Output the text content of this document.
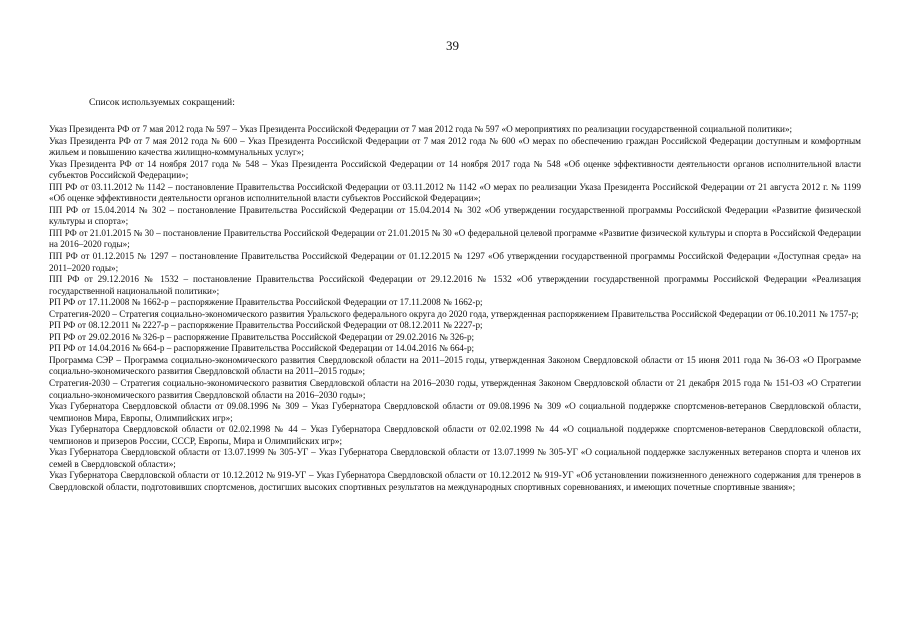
39
Список используемых сокращений:

Указ Президента РФ от 7 мая 2012 года № 597 – Указ Президента Российской Федерации от 7 мая 2012 года № 597 «О мероприятиях по реализации государственной социальной политики»;

Указ Президента РФ от 7 мая 2012 года № 600 – Указ Президента Российской Федерации от 7 мая 2012 года № 600 «О мерах по обеспечению граждан Российской Федерации доступным и комфортным жильем и повышению качества жилищно-коммунальных услуг»;

Указ Президента РФ от 14 ноября 2017 года № 548 – Указ Президента Российской Федерации от 14 ноября 2017 года № 548 «Об оценке эффективности деятельности органов исполнительной власти субъектов Российской Федерации»;

ПП РФ от 03.11.2012 № 1142 – постановление Правительства Российской Федерации от 03.11.2012 № 1142 «О мерах по реализации Указа Президента Российской Федерации от 21 августа 2012 г. № 1199 «Об оценке эффективности деятельности органов исполнительной власти субъектов Российской Федерации»;

ПП РФ от 15.04.2014 № 302 – постановление Правительства Российской Федерации от 15.04.2014 № 302 «Об утверждении государственной программы Российской Федерации «Развитие физической культуры и спорта»;

ПП РФ от 21.01.2015 № 30 – постановление Правительства Российской Федерации от 21.01.2015 № 30 «О федеральной целевой программе «Развитие физической культуры и спорта в Российской Федерации на 2016–2020 годы»;

ПП РФ от 01.12.2015 № 1297 – постановление Правительства Российской Федерации от 01.12.2015 № 1297 «Об утверждении государственной программы Российской Федерации «Доступная среда» на 2011–2020 годы»;

ПП РФ от 29.12.2016 № 1532 – постановление Правительства Российской Федерации от 29.12.2016 № 1532 «Об утверждении государственной программы Российской Федерации «Реализация государственной национальной политики»;

РП РФ от 17.11.2008 № 1662-р – распоряжение Правительства Российской Федерации от 17.11.2008 № 1662-р;

Стратегия-2020 – Стратегия социально-экономического развития Уральского федерального округа до 2020 года, утвержденная распоряжением Правительства Российской Федерации от 06.10.2011 № 1757-р;

РП РФ от 08.12.2011 № 2227-р – распоряжение Правительства Российской Федерации от 08.12.2011 № 2227-р;

РП РФ от 29.02.2016 № 326-р – распоряжение Правительства Российской Федерации от 29.02.2016 № 326-р;

РП РФ от 14.04.2016 № 664-р – распоряжение Правительства Российской Федерации от 14.04.2016 № 664-р;

Программа СЭР – Программа социально-экономического развития Свердловской области на 2011–2015 годы, утвержденная Законом Свердловской области от 15 июня 2011 года № 36-ОЗ «О Программе социально-экономического развития Свердловской области на 2011–2015 годы»;

Стратегия-2030 – Стратегия социально-экономического развития Свердловской области на 2016–2030 годы, утвержденная Законом Свердловской области от 21 декабря 2015 года № 151-ОЗ «О Стратегии социально-экономического развития Свердловской области на 2016–2030 годы»;

Указ Губернатора Свердловской области от 09.08.1996 № 309 – Указ Губернатора Свердловской области от 09.08.1996 № 309 «О социальной поддержке спортсменов-ветеранов Свердловской области, чемпионов Мира, Европы, Олимпийских игр»;

Указ Губернатора Свердловской области от 02.02.1998 № 44 – Указ Губернатора Свердловской области от 02.02.1998 № 44 «О социальной поддержке спортсменов-ветеранов Свердловской области, чемпионов и призеров России, СССР, Европы, Мира и Олимпийских игр»;

Указ Губернатора Свердловской области от 13.07.1999 № 305-УГ – Указ Губернатора Свердловской области от 13.07.1999 № 305-УГ «О социальной поддержке заслуженных ветеранов спорта и членов их семей в Свердловской области»;

Указ Губернатора Свердловской области от 10.12.2012 № 919-УГ – Указ Губернатора Свердловской области от 10.12.2012 № 919-УГ «Об установлении пожизненного денежного содержания для тренеров в Свердловской области, подготовивших спортсменов, достигших высоких спортивных результатов на международных спортивных соревнованиях, и имеющих почетные спортивные звания»;
